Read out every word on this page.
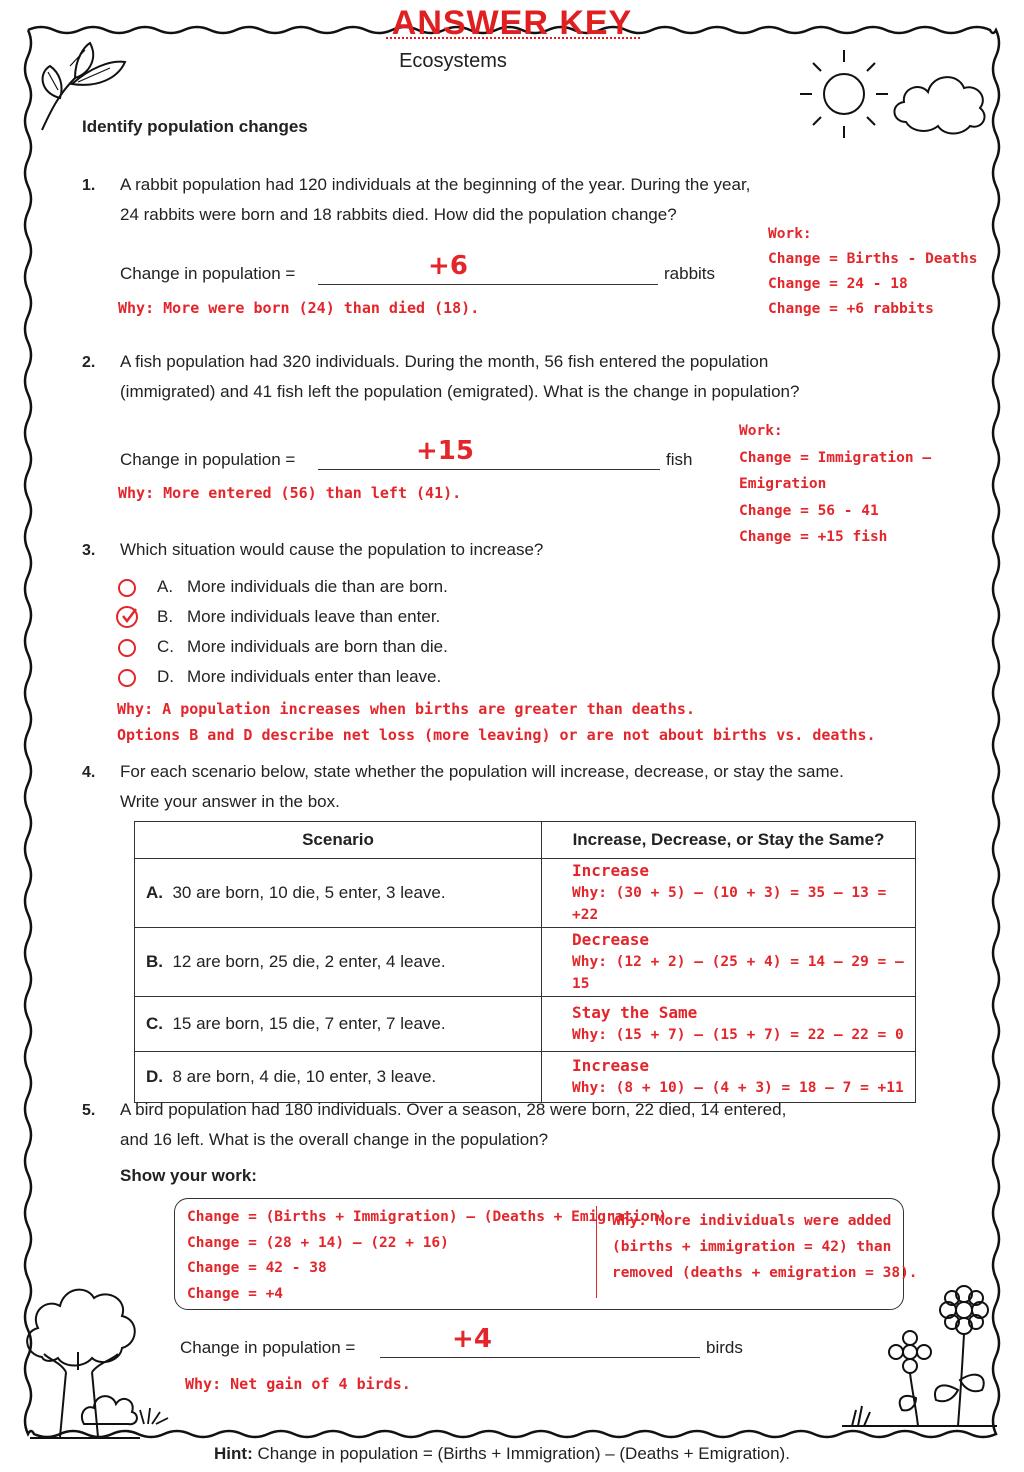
ANSWER KEY
Ecosystems
Identify population changes
1. A rabbit population had 120 individuals at the beginning of the year. During the year,
24 rabbits were born and 18 rabbits died. How did the population change?
Change in population =	+6	rabbits
Why: More were born (24) than died (18).
Work:
Change = Births - Deaths
Change = 24 - 18
Change = +6 rabbits
2. A fish population had 320 individuals. During the month, 56 fish entered the population
(immigrated) and 41 fish left the population (emigrated). What is the change in population?
Change in population =	+15	fish
Why: More entered (56) than left (41).
Work:
Change = Immigration – Emigration
Change = 56 - 41
Change = +15 fish
3. Which situation would cause the population to increase?
A. More individuals die than are born.
B. More individuals leave than enter.
C. More individuals are born than die.
D. More individuals enter than leave.
Why: A population increases when births are greater than deaths.
Options B and D describe net loss (more leaving) or are not about births vs. deaths.
4. For each scenario below, state whether the population will increase, decrease, or stay the same.
Write your answer in the box.
Scenario	Increase, Decrease, or Stay the Same?
A. 30 are born, 10 die, 5 enter, 3 leave.	Increase
Why: (30 + 5) – (10 + 3) = 35 – 13 = +22

B. 12 are born, 25 die, 2 enter, 4 leave.	Decrease
Why: (12 + 2) – (25 + 4) = 14 – 29 = –15

C. 15 are born, 15 die, 7 enter, 7 leave.	Stay the Same
Why: (15 + 7) – (15 + 7) = 22 – 22 = 0

D. 8 are born, 4 die, 10 enter, 3 leave.	Increase
Why: (8 + 10) – (4 + 3) = 18 – 7 = +11
5. A bird population had 180 individuals. Over a season, 28 were born, 22 died, 14 entered,
and 16 left. What is the overall change in the population?
Show your work:
Change = (Births + Immigration) – (Deaths + Emigration)
Change = (28 + 14) – (22 + 16)
Change = 42 - 38
Change = +4
Why: More individuals were added
(births + immigration = 42) than
removed (deaths + emigration = 38).
Change in population =	+4	birds
Why: Net gain of 4 birds.
Hint: Change in population = (Births + Immigration) – (Deaths + Emigration).
